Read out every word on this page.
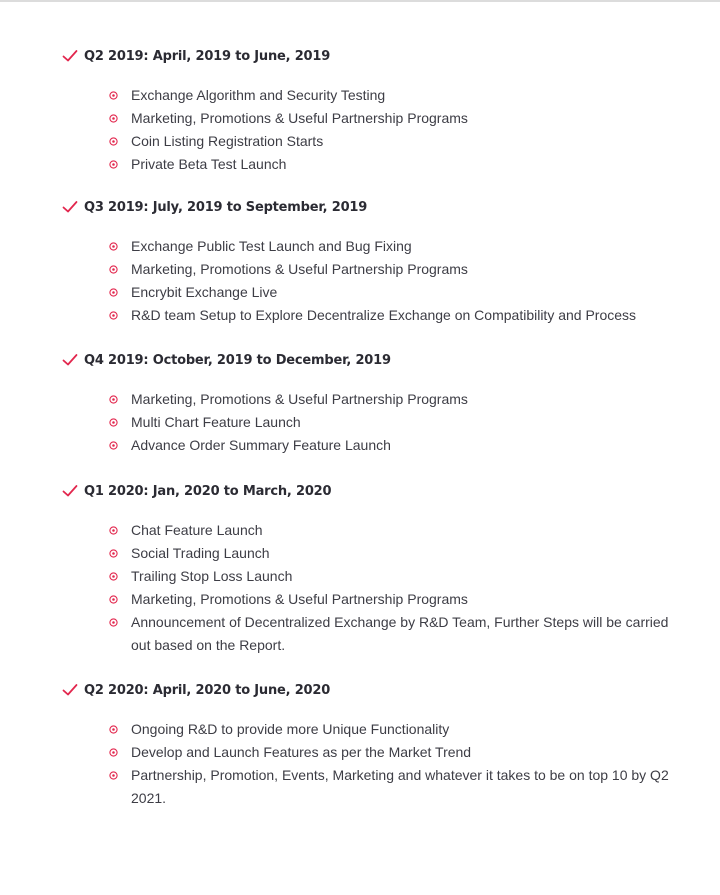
Q2 2019: April, 2019 to June, 2019
Exchange Algorithm and Security Testing
Marketing, Promotions & Useful Partnership Programs
Coin Listing Registration Starts
Private Beta Test Launch
Q3 2019: July, 2019 to September, 2019
Exchange Public Test Launch and Bug Fixing
Marketing, Promotions & Useful Partnership Programs
Encrybit Exchange Live
R&D team Setup to Explore Decentralize Exchange on Compatibility and Process
Q4 2019: October, 2019 to December, 2019
Marketing, Promotions & Useful Partnership Programs
Multi Chart Feature Launch
Advance Order Summary Feature Launch
Q1 2020: Jan, 2020 to March, 2020
Chat Feature Launch
Social Trading Launch
Trailing Stop Loss Launch
Marketing, Promotions & Useful Partnership Programs
Announcement of Decentralized Exchange by R&D Team, Further Steps will be carried out based on the Report.
Q2 2020: April, 2020 to June, 2020
Ongoing R&D to provide more Unique Functionality
Develop and Launch Features as per the Market Trend
Partnership, Promotion, Events, Marketing and whatever it takes to be on top 10 by Q2 2021.
